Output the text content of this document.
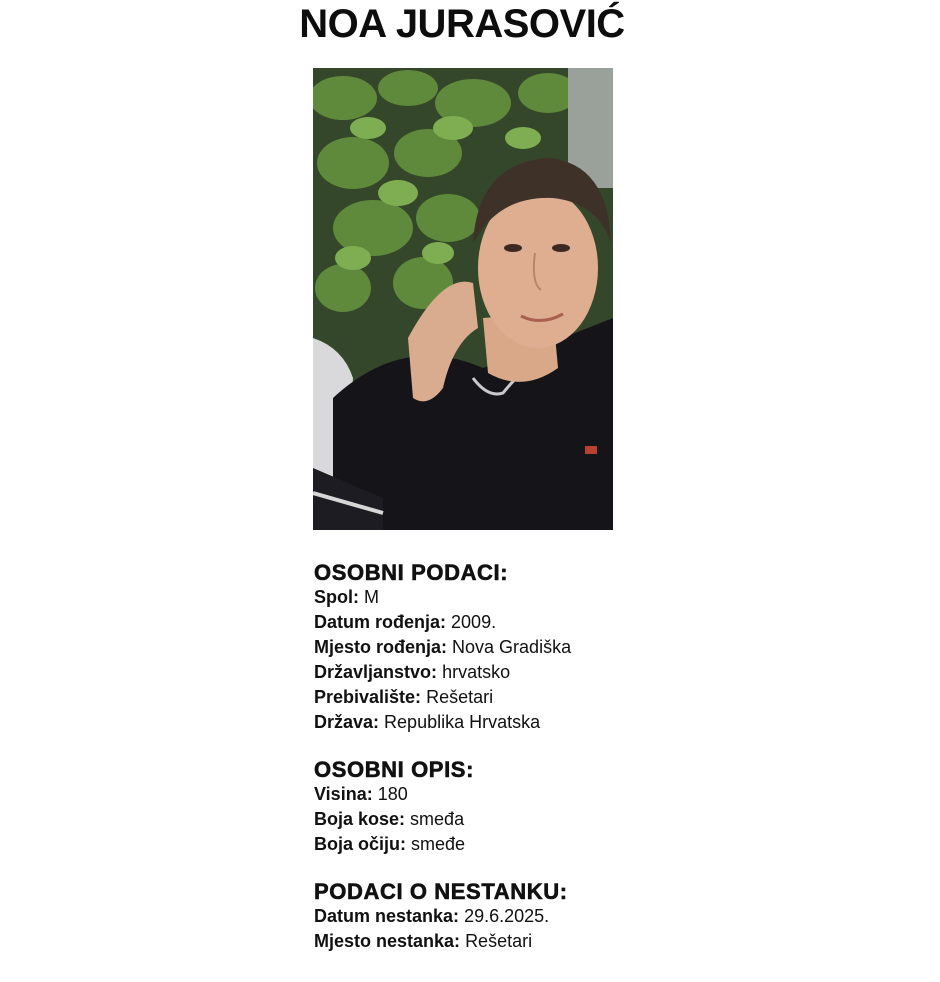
NOA JURASOVIĆ
OSOBNI PODACI:
Spol: M
Datum rođenja: 2009.
Mjesto rođenja: Nova Gradiška
Državljanstvo: hrvatsko
Prebivalište: Rešetari
Država: Republika Hrvatska
OSOBNI OPIS:
Visina: 180
Boja kose: smeđa
Boja očiju: smeđe
PODACI O NESTANKU:
Datum nestanka: 29.6.2025.
Mjesto nestanka: Rešetari
